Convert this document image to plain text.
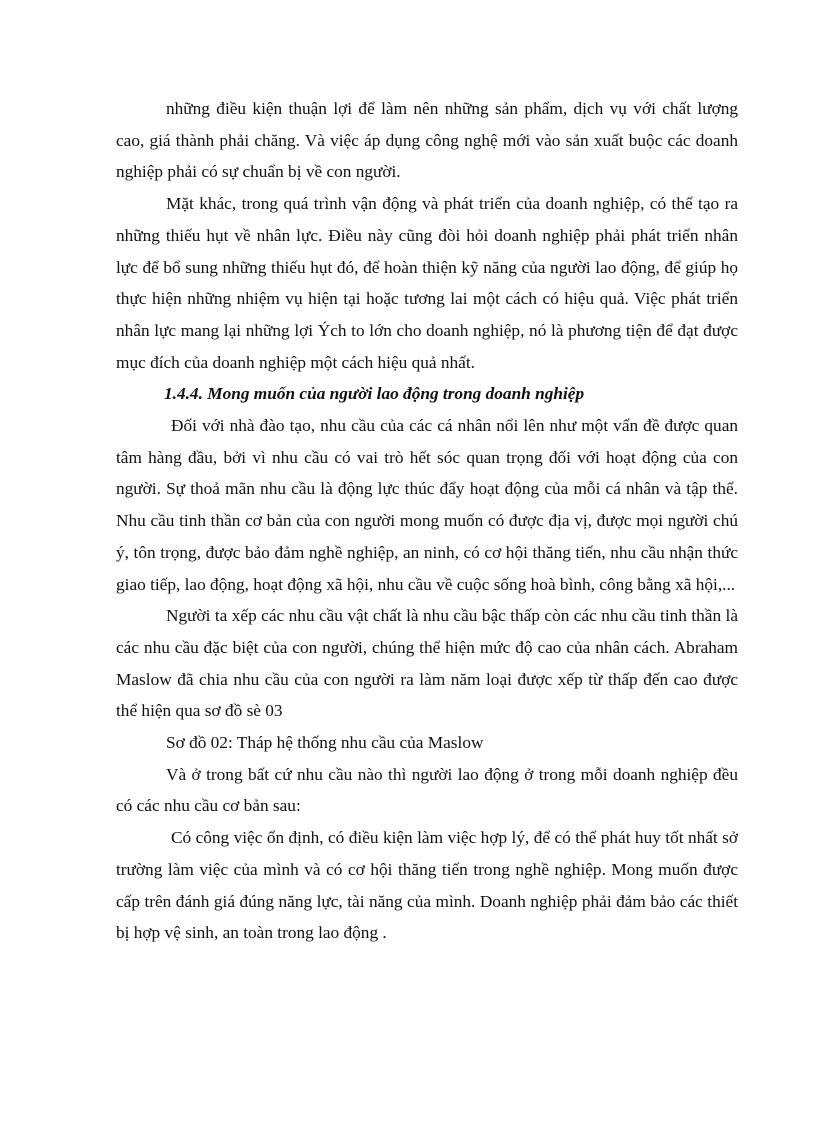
những điều kiện thuận lợi để làm nên những sản phẩm, dịch vụ với chất lượng cao, giá thành phải chăng. Và việc áp dụng công nghệ mới vào sản xuất buộc các doanh nghiệp phải có sự chuẩn bị về con người.

Mặt khác, trong quá trình vận động và phát triển của doanh nghiệp, có thể tạo ra những thiếu hụt về nhân lực. Điều này cũng đòi hỏi doanh nghiệp phải phát triển nhân lực để bổ sung những thiếu hụt đó, để hoàn thiện kỹ năng của người lao động, để giúp họ thực hiện những nhiệm vụ hiện tại hoặc tương lai một cách có hiệu quả. Việc phát triển nhân lực mang lại những lợi Ých to lớn cho doanh nghiệp, nó là phương tiện để đạt được mục đích của doanh nghiệp một cách hiệu quả nhất.

1.4.4. Mong muốn của người lao động trong doanh nghiệp

Đối với nhà đào tạo, nhu cầu của các cá nhân nổi lên như một vấn đề được quan tâm hàng đầu, bởi vì nhu cầu có vai trò hết sóc quan trọng đối với hoạt động của con người. Sự thoả mãn nhu cầu là động lực thúc đẩy hoạt động của mỗi cá nhân và tập thể. Nhu cầu tinh thần cơ bản của con người mong muốn có được địa vị, được mọi người chú ý, tôn trọng, được bảo đảm nghề nghiệp, an ninh, có cơ hội thăng tiến, nhu cầu nhận thức giao tiếp, lao động, hoạt động xã hội, nhu cầu về cuộc sống hoà bình, công bằng xã hội,...

Người ta xếp các nhu cầu vật chất là nhu cầu bậc thấp còn các nhu cầu tinh thần là các nhu cầu đặc biệt của con người, chúng thể hiện mức độ cao của nhân cách. Abraham Maslow đã chia nhu cầu của con người ra làm năm loại được xếp từ thấp đến cao được thể hiện qua sơ đồ sè 03

Sơ đồ 02: Tháp hệ thống nhu cầu của Maslow

Và ở trong bất cứ nhu cầu nào thì người lao động ở trong mỗi doanh nghiệp đều có các nhu cầu cơ bản sau:

Có công việc ổn định, có điều kiện làm việc hợp lý, để có thể phát huy tốt nhất sở trường làm việc của mình và có cơ hội thăng tiến trong nghề nghiệp. Mong muốn được cấp trên đánh giá đúng năng lực, tài năng của mình. Doanh nghiệp phải đảm bảo các thiết bị hợp vệ sinh, an toàn trong lao động .
